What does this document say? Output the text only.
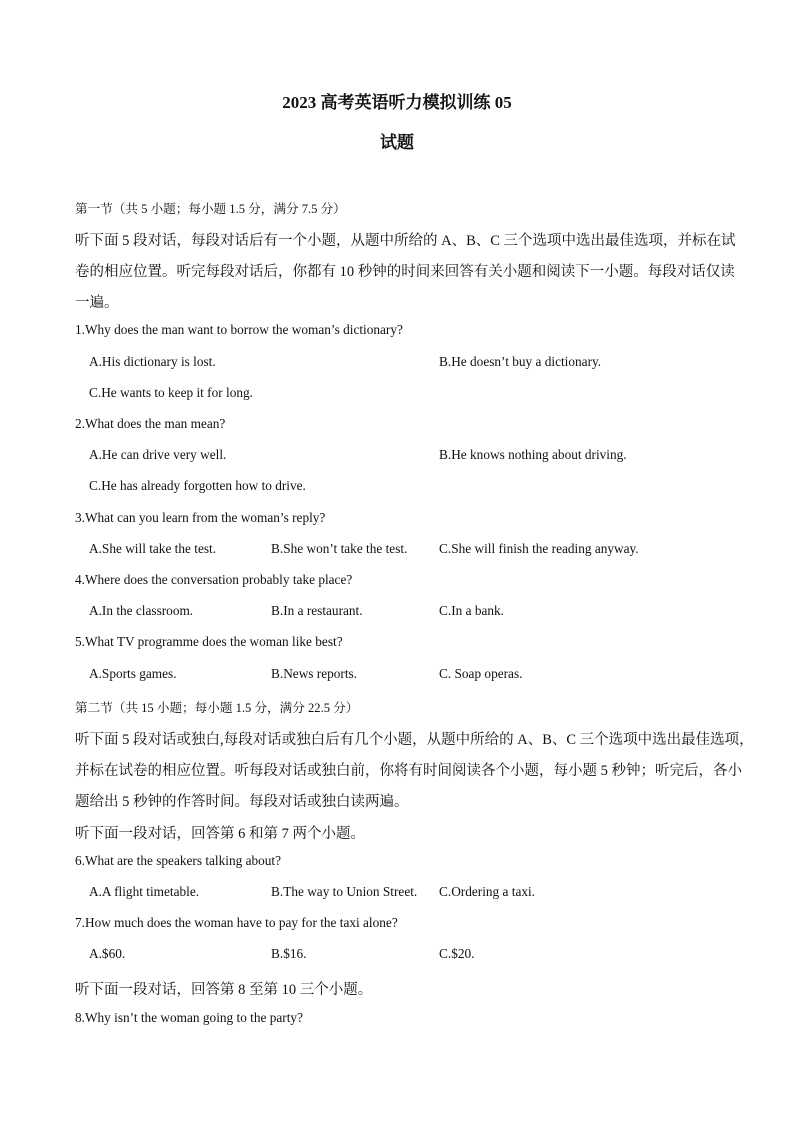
2023 高考英语听力模拟训练 05
试题
第一节（共 5 小题；每小题 1.5 分，满分 7.5 分）
听下面 5 段对话，每段对话后有一个小题，从题中所给的 A、B、C 三个选项中选出最佳选项，并标在试
卷的相应位置。听完每段对话后，你都有 10 秒钟的时间来回答有关小题和阅读下一小题。每段对话仅读
一遍。
1.Why does the man want to borrow the woman’s dictionary?
A.His dictionary is lost.	B.He doesn’t buy a dictionary.
C.He wants to keep it for long.
2.What does the man mean?
A.He can drive very well.	B.He knows nothing about driving.
C.He has already forgotten how to drive.
3.What can you learn from the woman’s reply?
A.She will take the test.	B.She won’t take the test. C.She will finish the reading anyway.
4.Where does the conversation probably take place?
A.In the classroom.	B.In a restaurant.	C.In a bank.
5.What TV programme does the woman like best?
A.Sports games.	B.News reports.	C. Soap operas.
第二节（共 15 小题；每小题 1.5 分，满分 22.5 分）
听下面 5 段对话或独白,每段对话或独白后有几个小题，从题中所给的 A、B、C 三个选项中选出最佳选项，
并标在试卷的相应位置。听每段对话或独白前，你将有时间阅读各个小题，每小题 5 秒钟；听完后，各小
题给出 5 秒钟的作答时间。每段对话或独白读两遍。
听下面一段对话，回答第 6 和第 7 两个小题。
6.What are the speakers talking about?
A.A flight timetable.	B.The way to Union Street. C.Ordering a taxi.
7.How much does the woman have to pay for the taxi alone?
A.$60.	B.$16.	C.$20.
听下面一段对话，回答第 8 至第 10 三个小题。
8.Why isn’t the woman going to the party?
